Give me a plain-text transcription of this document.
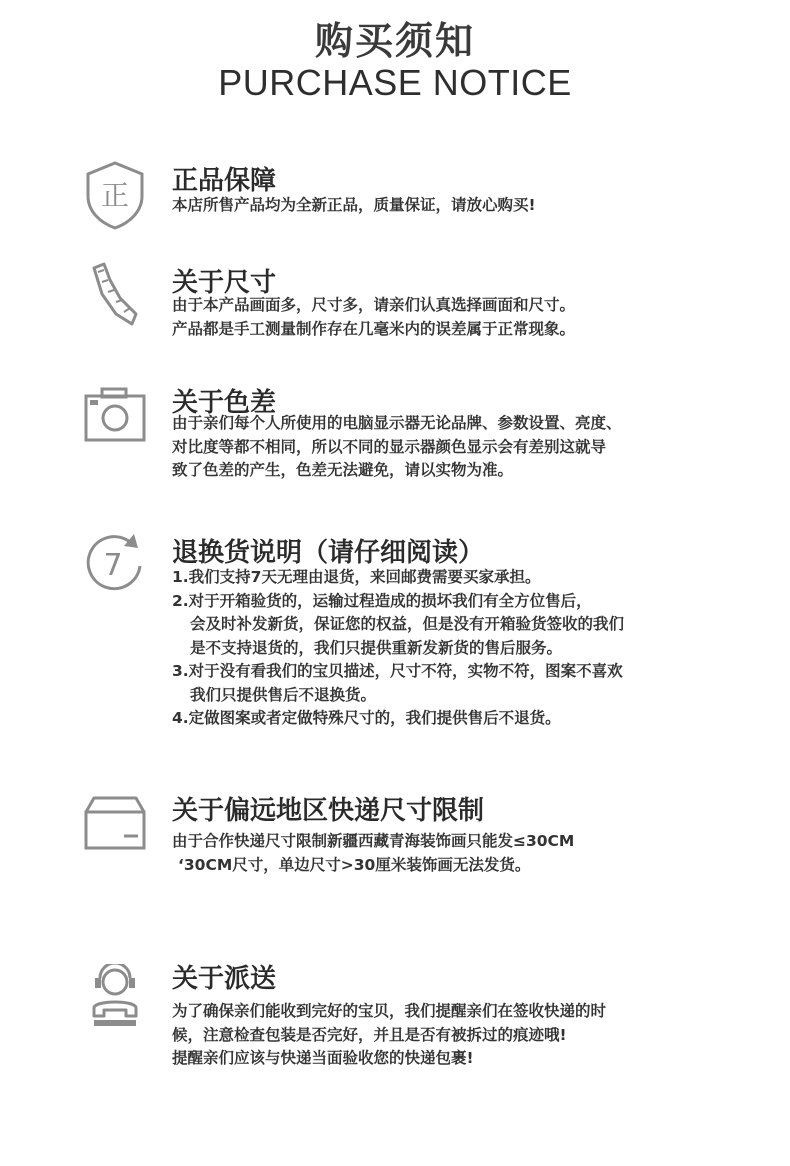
购买须知
PURCHASE NOTICE
正 正品保障
本店所售产品均为全新正品，质量保证，请放心购买!
关于尺寸
由于本产品画面多，尺寸多，请亲们认真选择画面和尺寸。
产品都是手工测量制作存在几毫米内的误差属于正常现象。
关于色差
由于亲们每个人所使用的电脑显示器无论品牌、参数设置、亮度、
对比度等都不相同，所以不同的显示器颜色显示会有差别这就导
致了色差的产生，色差无法避免，请以实物为准。
7 退换货说明（请仔细阅读）
1.我们支持7天无理由退货，来回邮费需要买家承担。
2.对于开箱验货的，运输过程造成的损坏我们有全方位售后，
会及时补发新货，保证您的权益，但是没有开箱验货签收的我们
是不支持退货的，我们只提供重新发新货的售后服务。
3.对于没有看我们的宝贝描述，尺寸不符，实物不符，图案不喜欢
我们只提供售后不退换货。
4.定做图案或者定做特殊尺寸的，我们提供售后不退货。
关于偏远地区快递尺寸限制
由于合作快递尺寸限制新疆西藏青海装饰画只能发≤30CM
‘30CM尺寸，单边尺寸>30厘米装饰画无法发货。
关于派送
为了确保亲们能收到完好的宝贝，我们提醒亲们在签收快递的时
候，注意检查包装是否完好，并且是否有被拆过的痕迹哦!
提醒亲们应该与快递当面验收您的快递包裹!
